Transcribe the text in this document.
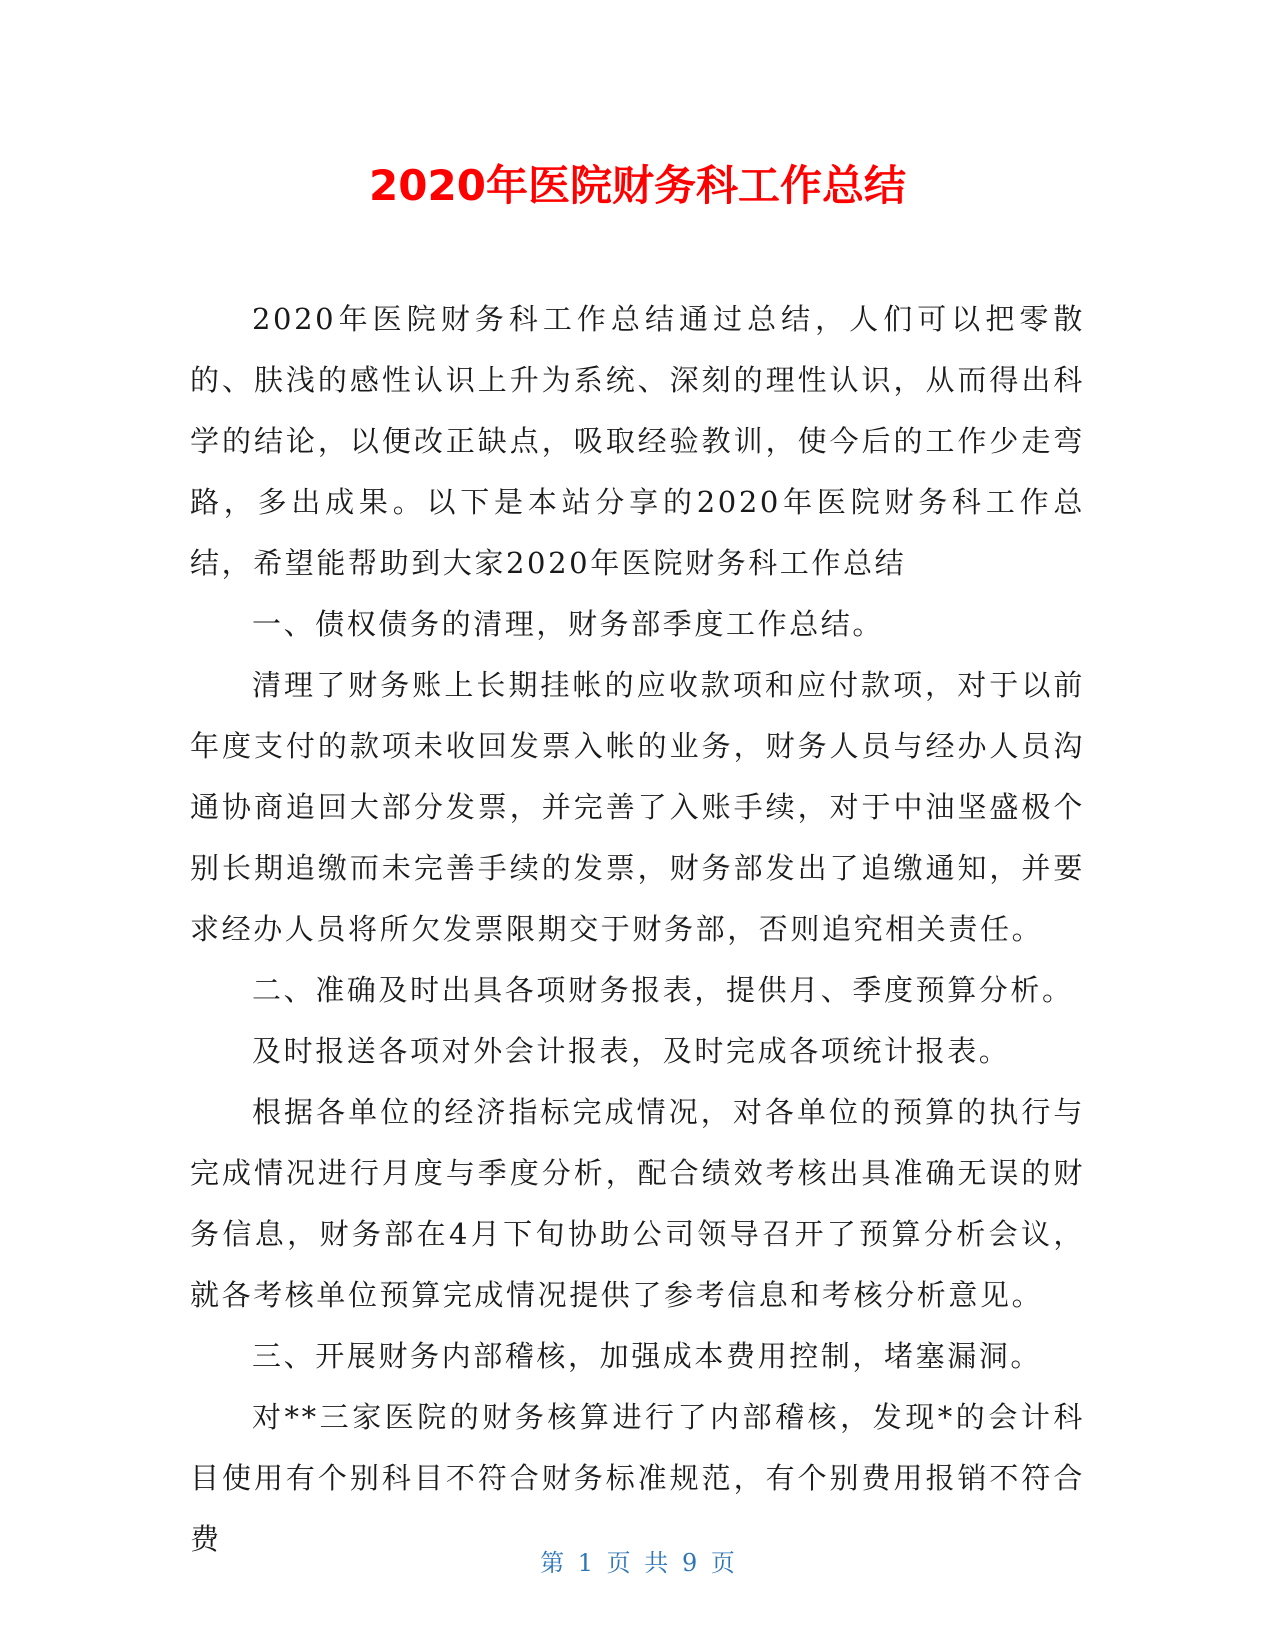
2020年医院财务科工作总结

2020年医院财务科工作总结通过总结，人们可以把零散的、肤浅的感性认识上升为系统、深刻的理性认识，从而得出科学的结论，以便改正缺点，吸取经验教训，使今后的工作少走弯路，多出成果。以下是本站分享的2020年医院财务科工作总结，希望能帮助到大家2020年医院财务科工作总结

一、债权债务的清理，财务部季度工作总结。

清理了财务账上长期挂帐的应收款项和应付款项，对于以前年度支付的款项未收回发票入帐的业务，财务人员与经办人员沟通协商追回大部分发票，并完善了入账手续，对于中油坚盛极个别长期追缴而未完善手续的发票，财务部发出了追缴通知，并要求经办人员将所欠发票限期交于财务部，否则追究相关责任。

二、准确及时出具各项财务报表，提供月、季度预算分析。

及时报送各项对外会计报表，及时完成各项统计报表。

根据各单位的经济指标完成情况，对各单位的预算的执行与完成情况进行月度与季度分析，配合绩效考核出具准确无误的财务信息，财务部在4月下旬协助公司领导召开了预算分析会议，就各考核单位预算完成情况提供了参考信息和考核分析意见。

三、开展财务内部稽核，加强成本费用控制，堵塞漏洞。

对**三家医院的财务核算进行了内部稽核，发现*的会计科目使用有个别科目不符合财务标准规范，有个别费用报销不符合费

第 1 页 共 9 页
